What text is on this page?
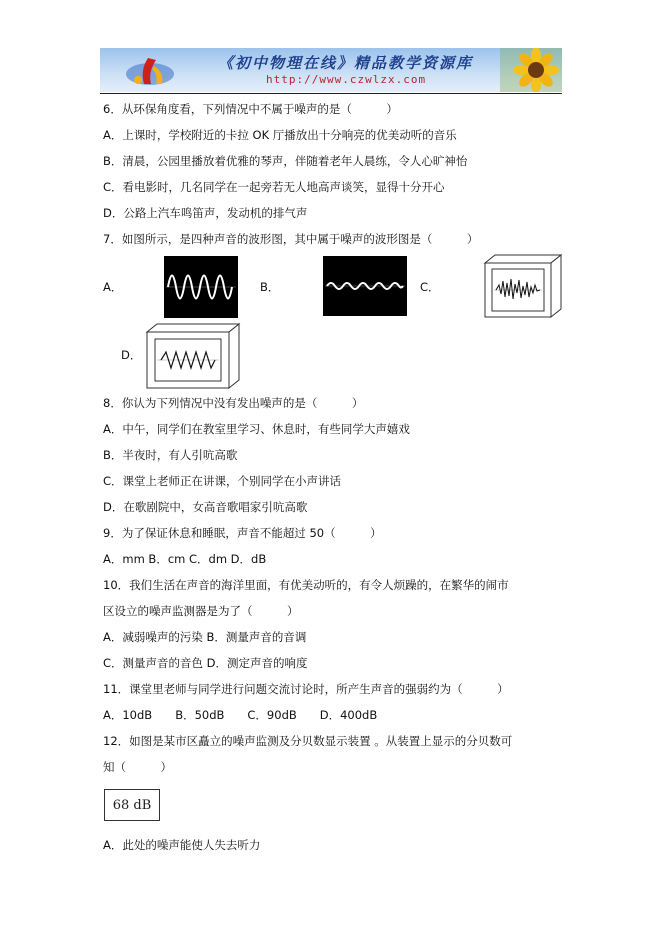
《初中物理在线》精品教学资源库
http://www.czwlzx.com
6．从环保角度看，下列情况中不属于噪声的是（　　　）
A．上课时，学校附近的卡拉 OK 厅播放出十分响亮的优美动听的音乐
B．清晨，公园里播放着优雅的琴声，伴随着老年人晨练，令人心旷神怡
C．看电影时，几名同学在一起旁若无人地高声谈笑，显得十分开心
D．公路上汽车鸣笛声，发动机的排气声
7．如图所示，是四种声音的波形图，其中属于噪声的波形图是（　　　）
A．	B．	C．
D．
8．你认为下列情况中没有发出噪声的是（　　　）
A．中午，同学们在教室里学习、休息时，有些同学大声嬉戏
B．半夜时，有人引吭高歌
C．课堂上老师正在讲课，个别同学在小声讲话
D．在歌剧院中，女高音歌唱家引吭高歌
9．为了保证休息和睡眠，声音不能超过 50（　　　）
A．mm B．cm C．dm D．dB
10．我们生活在声音的海洋里面，有优美动听的，有令人烦躁的，在繁华的闹市
区设立的噪声监测器是为了（　　　）
A．减弱噪声的污染 B．测量声音的音调
C．测量声音的音色 D．测定声音的响度
11．课堂里老师与同学进行问题交流讨论时，所产生声音的强弱约为（　　　）
A．10dB　　B．50dB　　C．90dB　　D．400dB
12．如图是某市区矗立的噪声监测及分贝数显示装置 。从装置上显示的分贝数可
知（　　　）
68 dB
A．此处的噪声能使人失去听力
